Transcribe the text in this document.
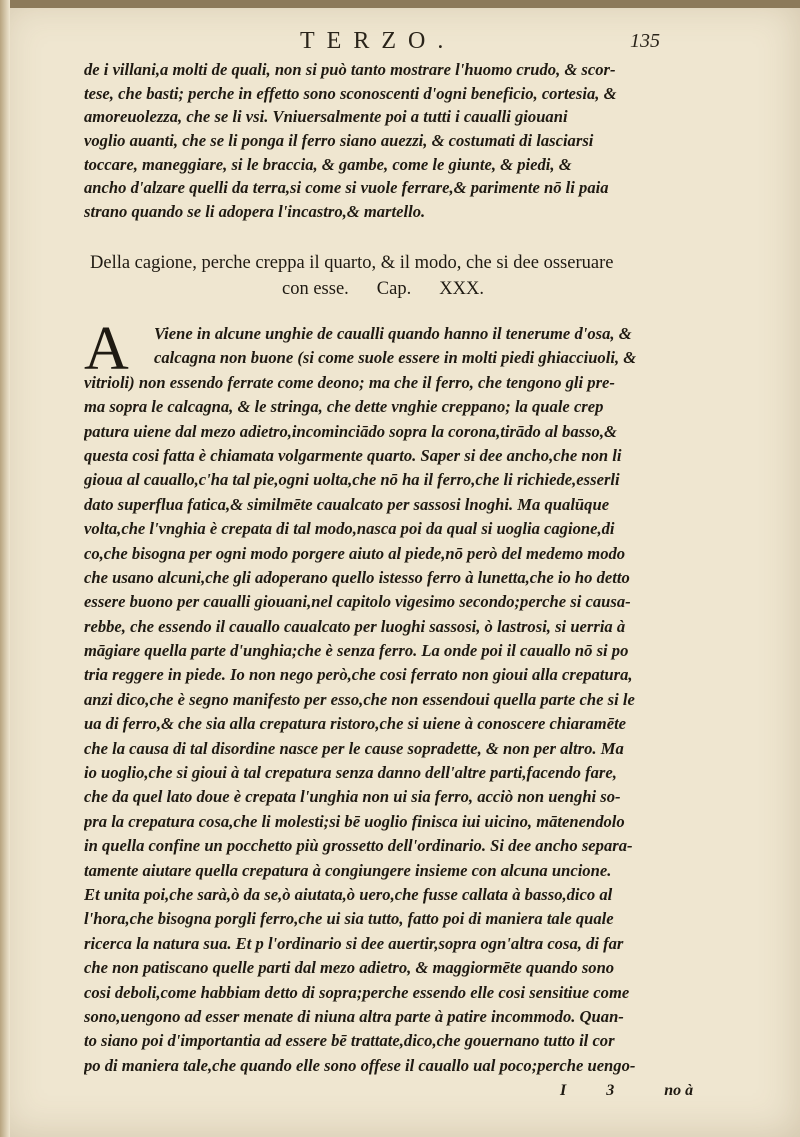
TERZO.	135
de i villani,a molti de quali, non si può tanto mostrare l'huomo crudo, & scor-
tese, che basti; perche in effetto sono sconoscenti d'ogni beneficio, cortesia, &
amoreuolezza, che se li vsi. Vniuersalmente poi a tutti i caualli giouani
voglio auanti, che se li ponga il ferro siano auezzi, & costumati di lasciarsi
toccare, maneggiare, si le braccia, & gambe, come le giunte, & piedi, &
ancho d'alzare quelli da terra,si come si vuole ferrare,& parimente nō li paia
strano quando se li adopera l'incastro,& martello.
Della cagione, perche creppa il quarto, & il modo, che si dee osseruare
con esse. Cap. XXX.
A	Viene in alcune unghie de caualli quando hanno il tenerume d'osa, &
calcagna non buone (si come suole essere in molti piedi ghiacciuoli, &
vitrioli) non essendo ferrate come deono; ma che il ferro, che tengono gli pre-
ma sopra le calcagna, & le stringa, che dette vnghie creppano; la quale crep
patura uiene dal mezo adietro,incominciādo sopra la corona,tirādo al basso,&
questa cosi fatta è chiamata volgarmente quarto. Saper si dee ancho,che non li
gioua al cauallo,c'ha tal pie,ogni uolta,che nō ha il ferro,che li richiede,esserli
dato superflua fatica,& similmēte caualcato per sassosi lnoghi. Ma qualūque
volta,che l'vnghia è crepata di tal modo,nasca poi da qual si uoglia cagione,di
co,che bisogna per ogni modo porgere aiuto al piede,nō però del medemo modo
che usano alcuni,che gli adoperano quello istesso ferro à lunetta,che io ho detto
essere buono per caualli giouani,nel capitolo vigesimo secondo;perche si causa-
rebbe, che essendo il cauallo caualcato per luoghi sassosi, ò lastrosi, si uerria à
māgiare quella parte d'unghia;che è senza ferro. La onde poi il cauallo nō si po
tria reggere in piede. Io non nego però,che cosi ferrato non gioui alla crepatura,
anzi dico,che è segno manifesto per esso,che non essendoui quella parte che si le
ua di ferro,& che sia alla crepatura ristoro,che si uiene à conoscere chiaramēte
che la causa di tal disordine nasce per le cause sopradette, & non per altro. Ma
io uoglio,che si gioui à tal crepatura senza danno dell'altre parti,facendo fare,
che da quel lato doue è crepata l'unghia non ui sia ferro, acciò non uenghi so-
pra la crepatura cosa,che li molesti;si bē uoglio finisca iui uicino, mātenendolo
in quella confine un pocchetto più grossetto dell'ordinario. Si dee ancho separa-
tamente aiutare quella crepatura à congiungere insieme con alcuna uncione.
Et unita poi,che sarà,ò da se,ò aiutata,ò uero,che fusse callata à basso,dico al
l'hora,che bisogna porgli ferro,che ui sia tutto, fatto poi di maniera tale quale
ricerca la natura sua. Et p l'ordinario si dee auertir,sopra ogn'altra cosa, di far
che non patiscano quelle parti dal mezo adietro, & maggiormēte quando sono
cosi deboli,come habbiam detto di sopra;perche essendo elle cosi sensitiue come
sono,uengono ad esser menate di niuna altra parte à patire incommodo. Quan-
to siano poi d'importantia ad essere bē trattate,dico,che gouernano tutto il cor
po di maniera tale,che quando elle sono offese il cauallo ual poco;perche uengo-
I	3	no à
